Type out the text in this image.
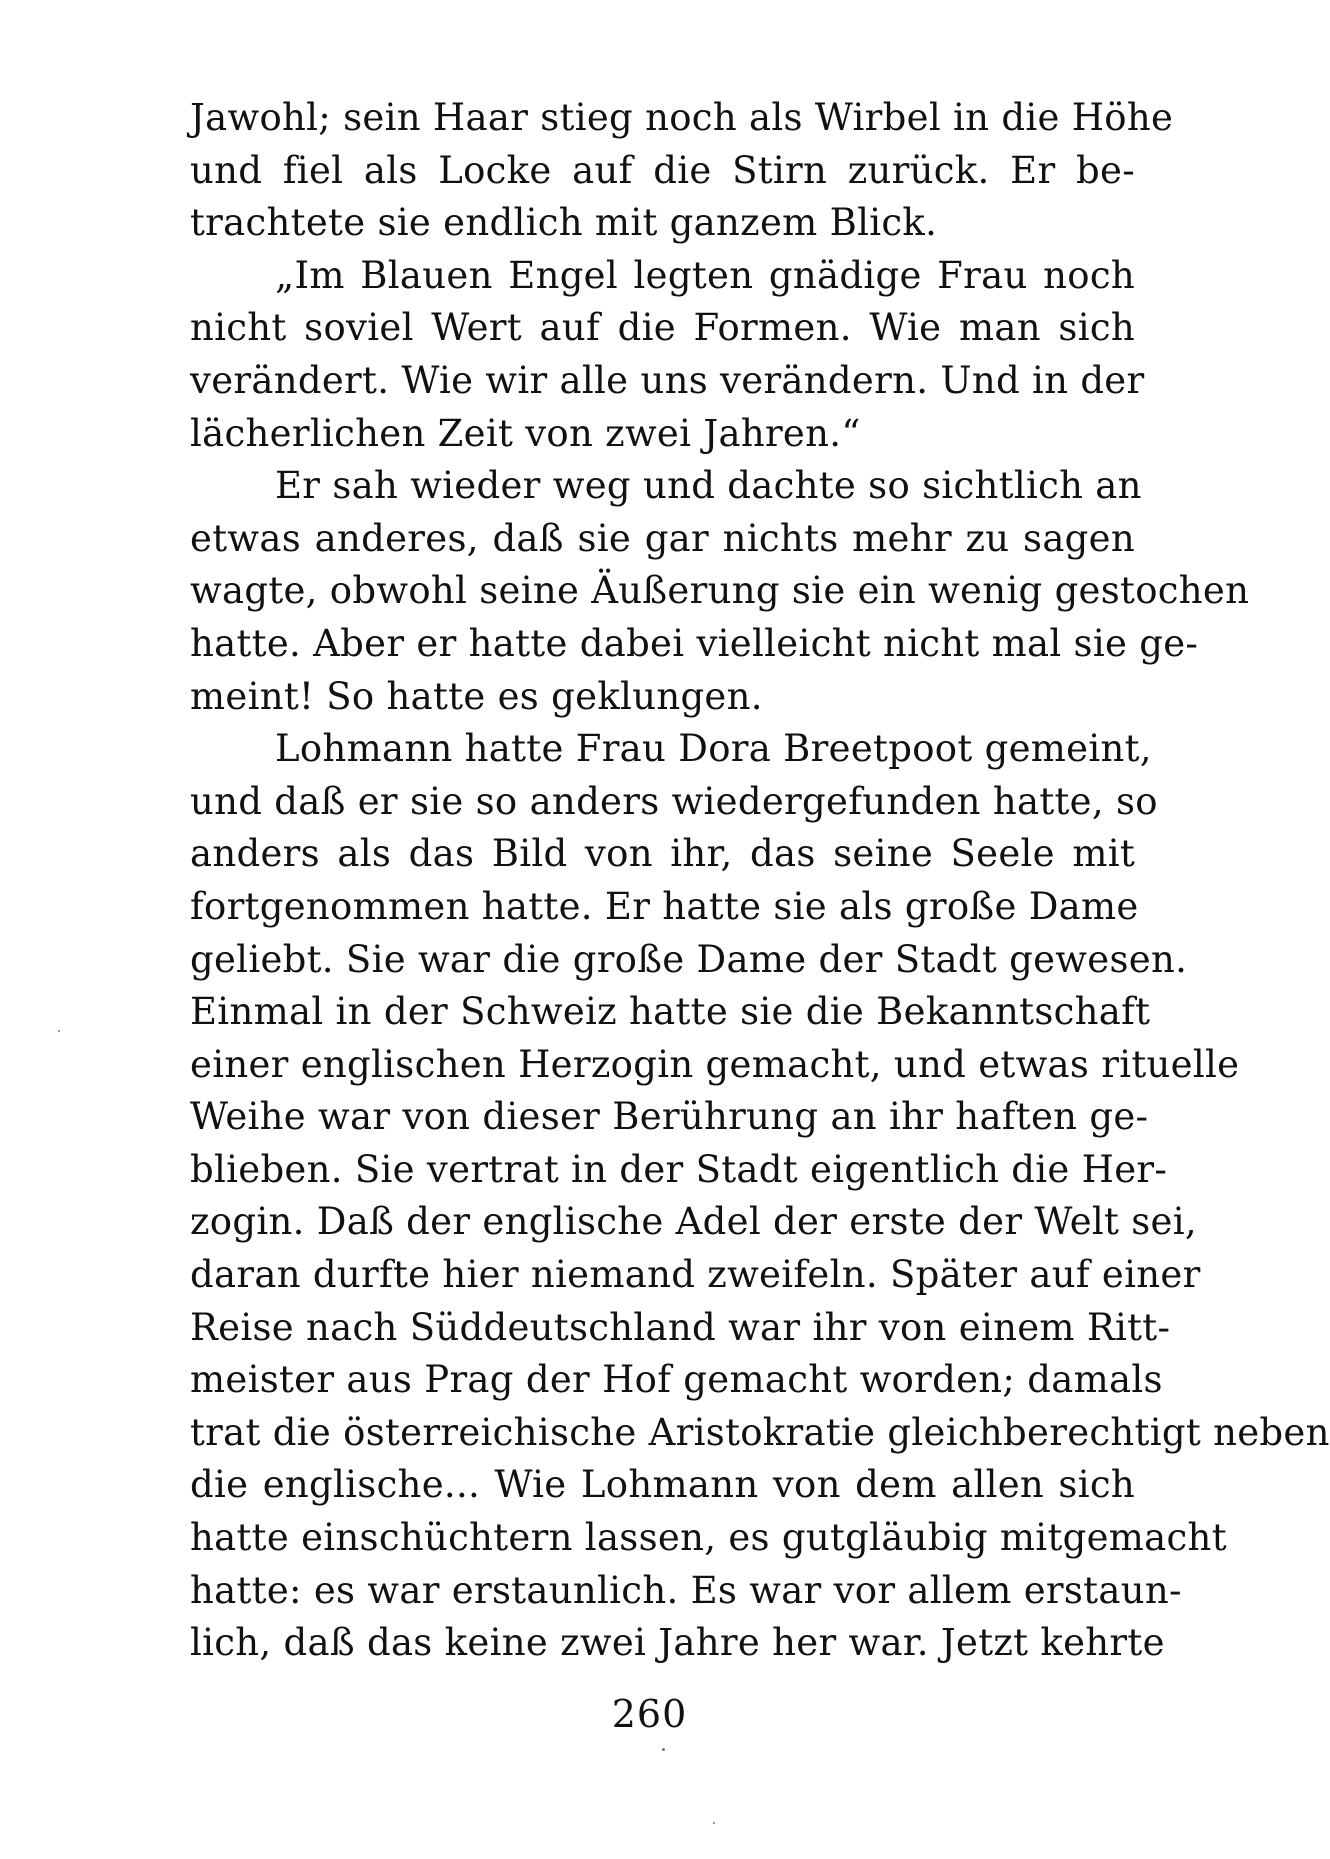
Jawohl; sein Haar stieg noch als Wirbel in die Höhe
und fiel als Locke auf die Stirn zurück. Er be-
trachtete sie endlich mit ganzem Blick.
„Im Blauen Engel legten gnädige Frau noch
nicht soviel Wert auf die Formen. Wie man sich
verändert. Wie wir alle uns verändern. Und in der
lächerlichen Zeit von zwei Jahren.“
Er sah wieder weg und dachte so sichtlich an
etwas anderes, daß sie gar nichts mehr zu sagen
wagte, obwohl seine Äußerung sie ein wenig gestochen
hatte. Aber er hatte dabei vielleicht nicht mal sie ge-
meint! So hatte es geklungen.
Lohmann hatte Frau Dora Breetpoot gemeint,
und daß er sie so anders wiedergefunden hatte, so
anders als das Bild von ihr, das seine Seele mit
fortgenommen hatte. Er hatte sie als große Dame
geliebt. Sie war die große Dame der Stadt gewesen.
Einmal in der Schweiz hatte sie die Bekanntschaft
einer englischen Herzogin gemacht, und etwas rituelle
Weihe war von dieser Berührung an ihr haften ge-
blieben. Sie vertrat in der Stadt eigentlich die Her-
zogin. Daß der englische Adel der erste der Welt sei,
daran durfte hier niemand zweifeln. Später auf einer
Reise nach Süddeutschland war ihr von einem Ritt-
meister aus Prag der Hof gemacht worden; damals
trat die österreichische Aristokratie gleichberechtigt neben
die englische... Wie Lohmann von dem allen sich
hatte einschüchtern lassen, es gutgläubig mitgemacht
hatte: es war erstaunlich. Es war vor allem erstaun-
lich, daß das keine zwei Jahre her war. Jetzt kehrte
260
